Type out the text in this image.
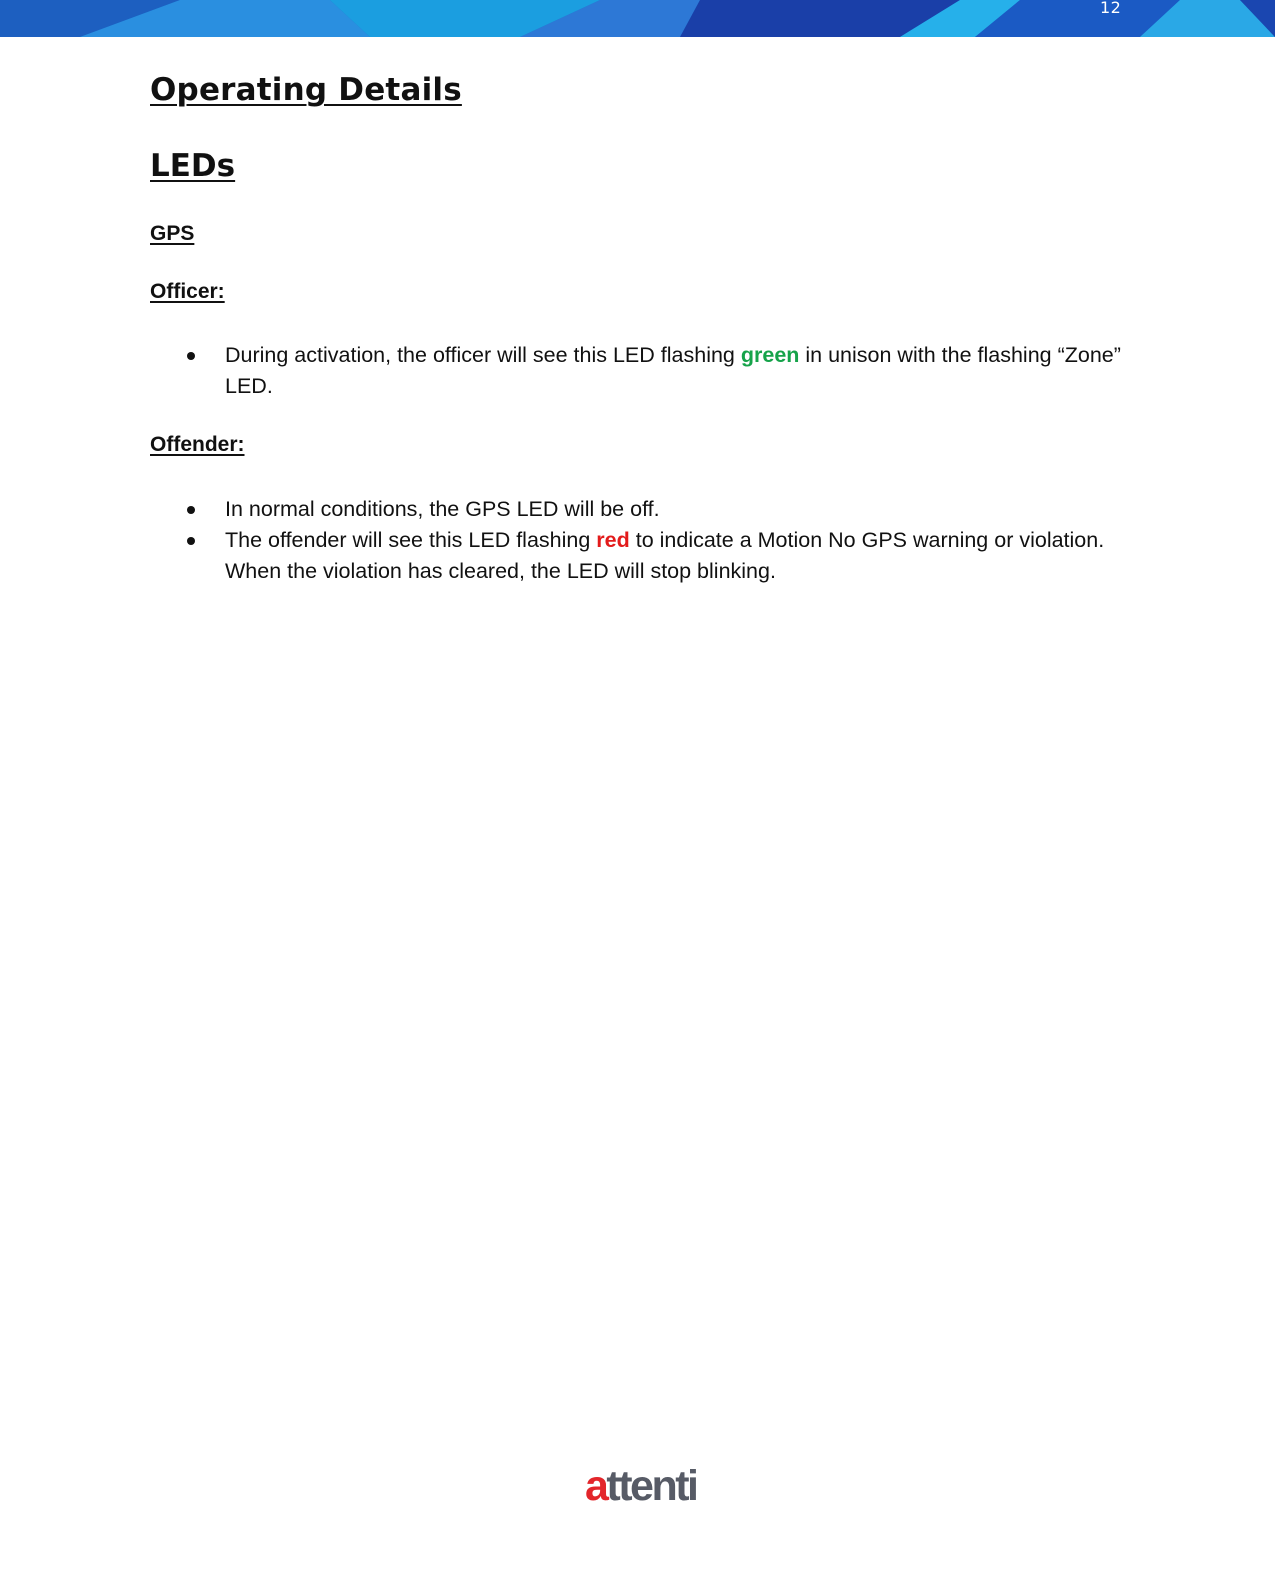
12
Operating Details
LEDs
GPS
Officer:
During activation, the officer will see this LED flashing green in unison with the flashing “Zone” LED.
Offender:
In normal conditions, the GPS LED will be off.
The offender will see this LED flashing red to indicate a Motion No GPS warning or violation. When the violation has cleared, the LED will stop blinking.
attenti
